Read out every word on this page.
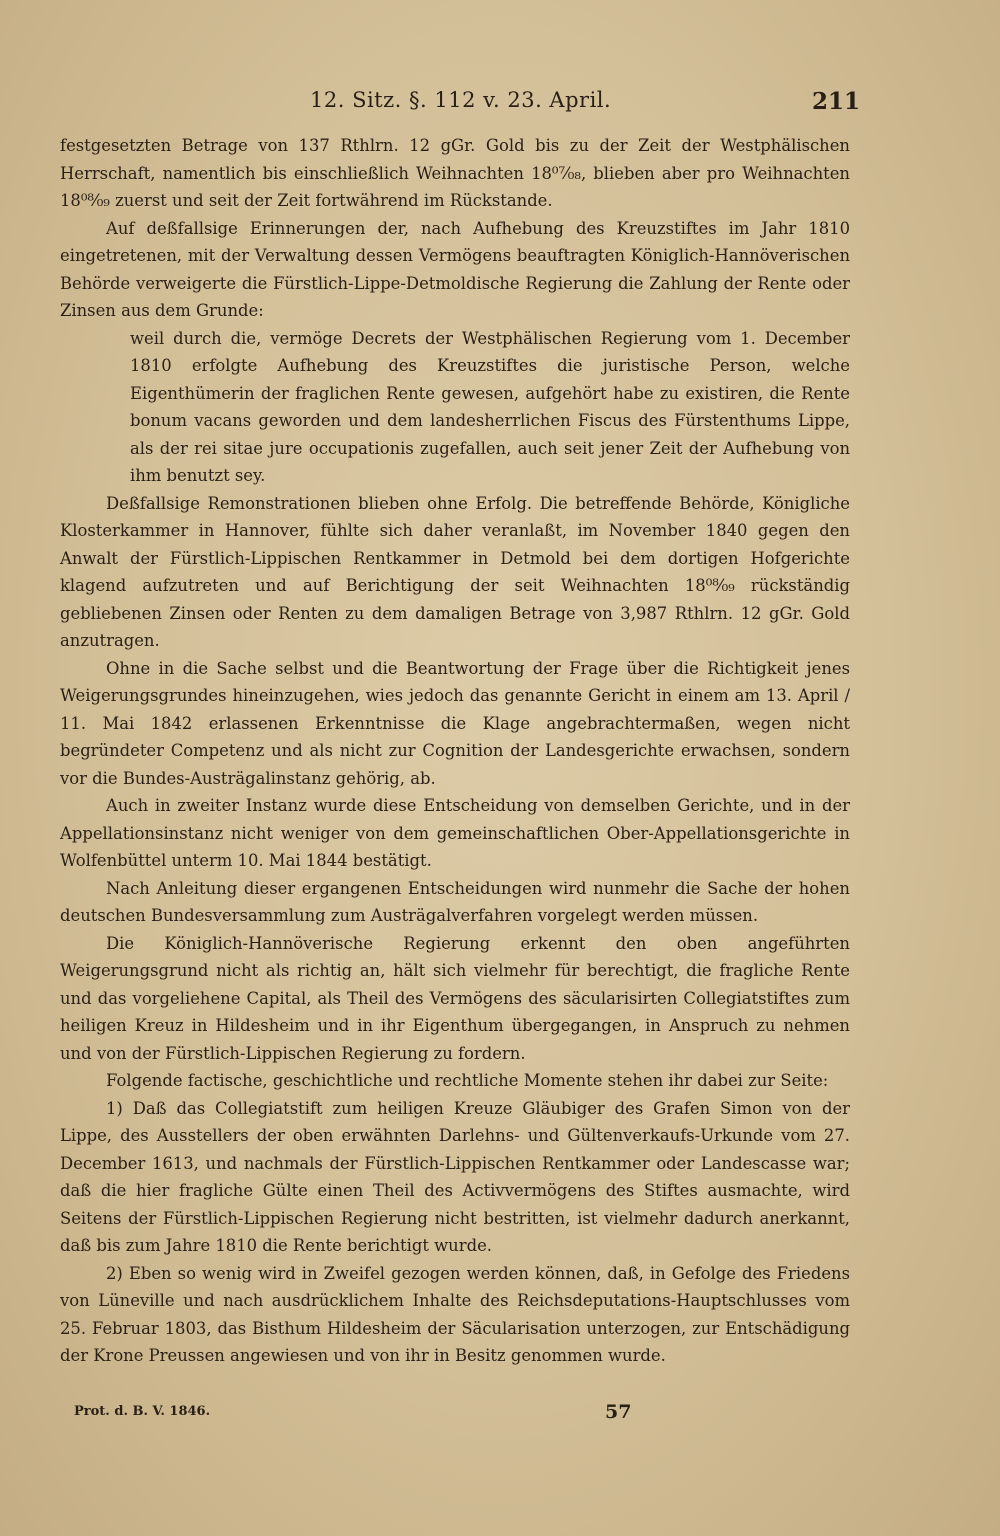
12. Sitz. §. 112 v. 23. April.	211

festgesetzten Betrage von 137 Rthlrn. 12 gGr. Gold bis zu der Zeit der Westphälischen Herrschaft, namentlich bis einschließlich Weihnachten 18⁰⁷⁄₀₈, blieben aber pro Weihnachten 18⁰⁸⁄₀₉ zuerst und seit der Zeit fortwährend im Rückstande.

Auf deßfallsige Erinnerungen der, nach Aufhebung des Kreuzstiftes im Jahr 1810 eingetretenen, mit der Verwaltung dessen Vermögens beauftragten Königlich-Hannöverischen Behörde verweigerte die Fürstlich-Lippe-Detmoldische Regierung die Zahlung der Rente oder Zinsen aus dem Grunde:

weil durch die, vermöge Decrets der Westphälischen Regierung vom 1. December 1810 erfolgte Aufhebung des Kreuzstiftes die juristische Person, welche Eigenthümerin der fraglichen Rente gewesen, aufgehört habe zu existiren, die Rente bonum vacans geworden und dem landesherrlichen Fiscus des Fürstenthums Lippe, als der rei sitae jure occupationis zugefallen, auch seit jener Zeit der Aufhebung von ihm benutzt sey.

Deßfallsige Remonstrationen blieben ohne Erfolg. Die betreffende Behörde, Königliche Klosterkammer in Hannover, fühlte sich daher veranlaßt, im November 1840 gegen den Anwalt der Fürstlich-Lippischen Rentkammer in Detmold bei dem dortigen Hofgerichte klagend aufzutreten und auf Berichtigung der seit Weihnachten 18⁰⁸⁄₀₉ rückständig gebliebenen Zinsen oder Renten zu dem damaligen Betrage von 3,987 Rthlrn. 12 gGr. Gold anzutragen.

Ohne in die Sache selbst und die Beantwortung der Frage über die Richtigkeit jenes Weigerungsgrundes hineinzugehen, wies jedoch das genannte Gericht in einem am 13. April / 11. Mai 1842 erlassenen Erkenntnisse die Klage angebrachtermaßen, wegen nicht begründeter Competenz und als nicht zur Cognition der Landesgerichte erwachsen, sondern vor die Bundes-Austrägalinstanz gehörig, ab.

Auch in zweiter Instanz wurde diese Entscheidung von demselben Gerichte, und in der Appellationsinstanz nicht weniger von dem gemeinschaftlichen Ober-Appellationsgerichte in Wolfenbüttel unterm 10. Mai 1844 bestätigt.

Nach Anleitung dieser ergangenen Entscheidungen wird nunmehr die Sache der hohen deutschen Bundesversammlung zum Austrägalverfahren vorgelegt werden müssen.

Die Königlich-Hannöverische Regierung erkennt den oben angeführten Weigerungsgrund nicht als richtig an, hält sich vielmehr für berechtigt, die fragliche Rente und das vorgeliehene Capital, als Theil des Vermögens des säcularisirten Collegiatstiftes zum heiligen Kreuz in Hildesheim und in ihr Eigenthum übergegangen, in Anspruch zu nehmen und von der Fürstlich-Lippischen Regierung zu fordern.

Folgende factische, geschichtliche und rechtliche Momente stehen ihr dabei zur Seite:

1) Daß das Collegiatstift zum heiligen Kreuze Gläubiger des Grafen Simon von der Lippe, des Ausstellers der oben erwähnten Darlehns- und Gültenverkaufs-Urkunde vom 27. December 1613, und nachmals der Fürstlich-Lippischen Rentkammer oder Landescasse war; daß die hier fragliche Gülte einen Theil des Activvermögens des Stiftes ausmachte, wird Seitens der Fürstlich-Lippischen Regierung nicht bestritten, ist vielmehr dadurch anerkannt, daß bis zum Jahre 1810 die Rente berichtigt wurde.

2) Eben so wenig wird in Zweifel gezogen werden können, daß, in Gefolge des Friedens von Lüneville und nach ausdrücklichem Inhalte des Reichsdeputations-Hauptschlusses vom 25. Februar 1803, das Bisthum Hildesheim der Säcularisation unterzogen, zur Entschädigung der Krone Preussen angewiesen und von ihr in Besitz genommen wurde.

Prot. d. B. V. 1846.	57
